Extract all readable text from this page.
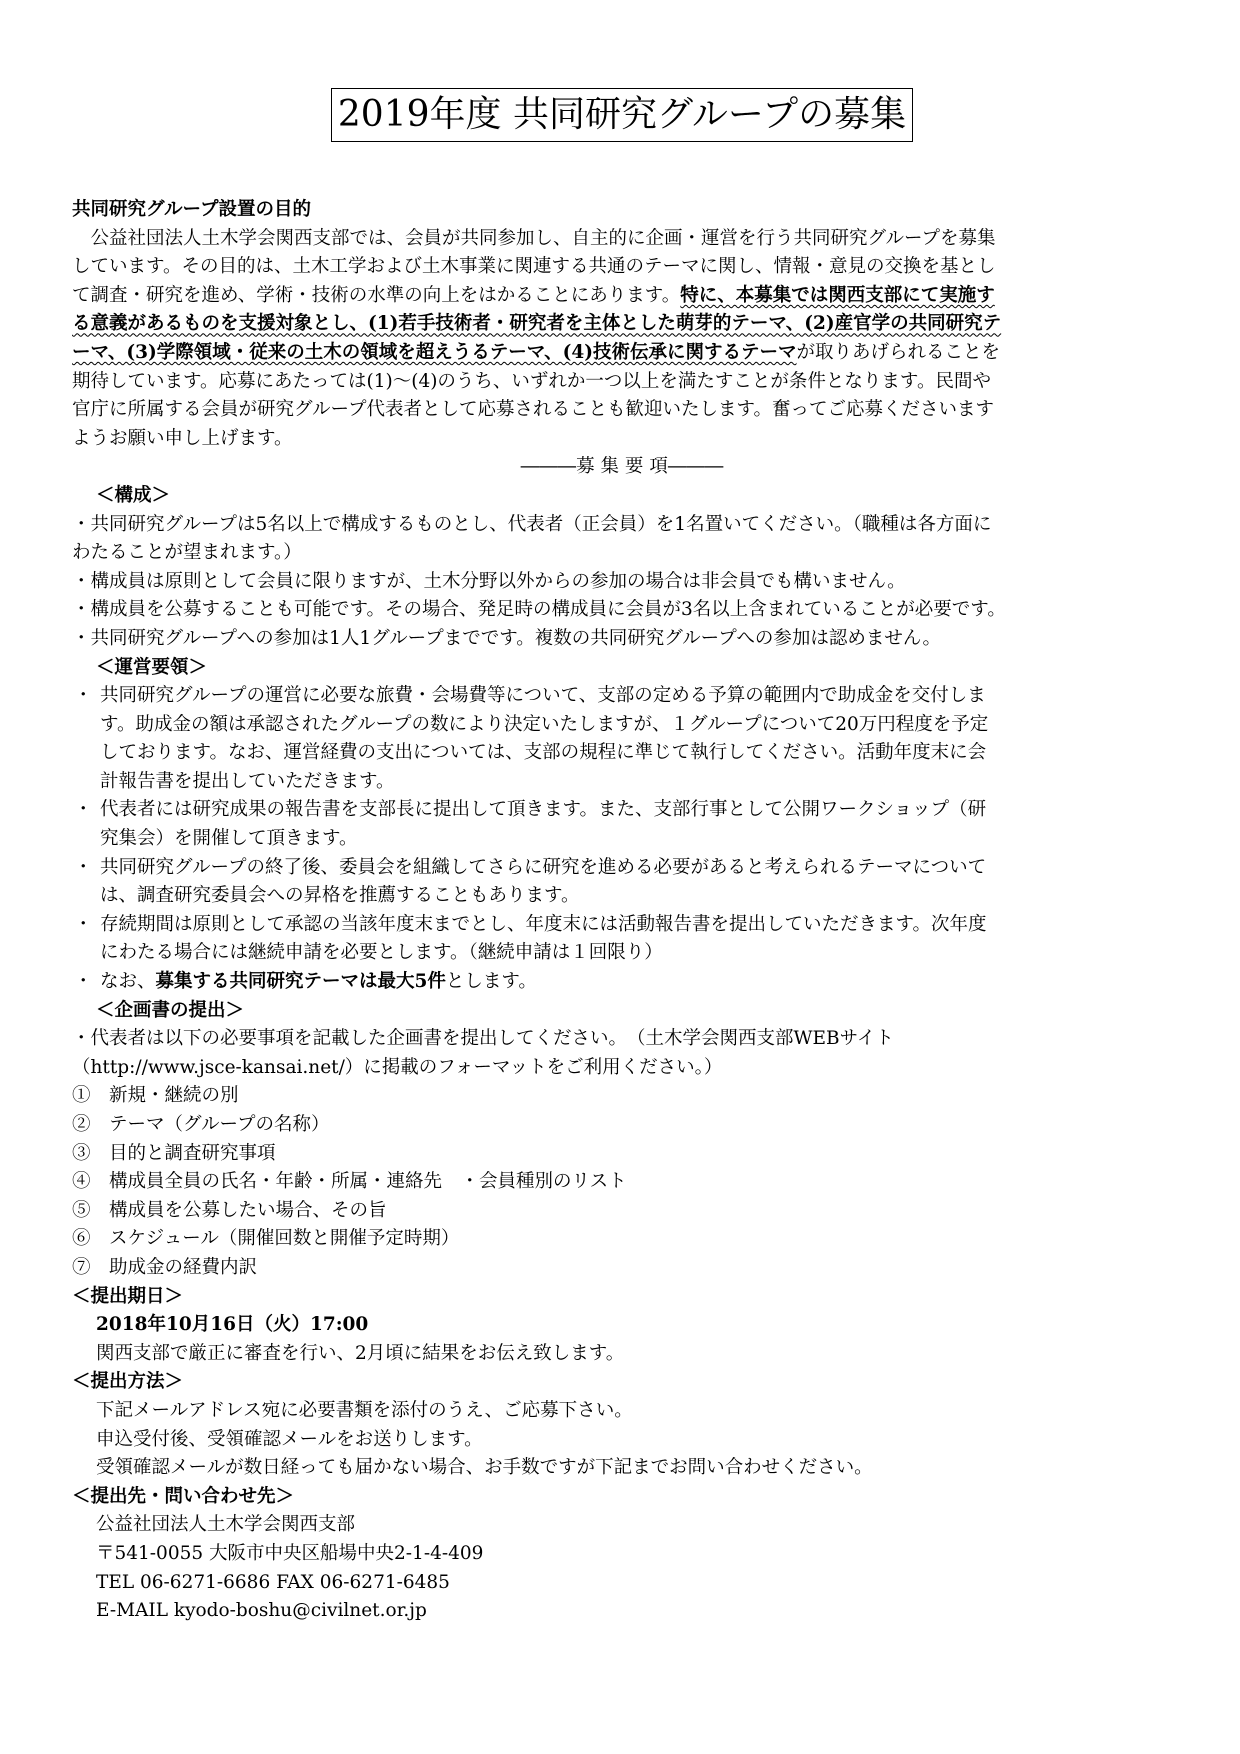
2019年度 共同研究グループの募集

共同研究グループ設置の目的

　公益社団法人土木学会関西支部では、会員が共同参加し、自主的に企画・運営を行う共同研究グループを募集

しています。その目的は、土木工学および土木事業に関連する共通のテーマに関し、情報・意見の交換を基とし

て調査・研究を進め、学術・技術の水準の向上をはかることにあります。特に、本募集では関西支部にて実施す

る意義があるものを支援対象とし、(1)若手技術者・研究者を主体とした萌芽的テーマ、(2)産官学の共同研究テ

ーマ、(3)学際領域・従来の土木の領域を超えうるテーマ、(4)技術伝承に関するテーマが取りあげられることを

期待しています。応募にあたっては(1)～(4)のうち、いずれか一つ以上を満たすことが条件となります。民間や

官庁に所属する会員が研究グループ代表者として応募されることも歓迎いたします。奮ってご応募くださいます

ようお願い申し上げます。

―――募 集 要 項―――

＜構成＞

・共同研究グループは5名以上で構成するものとし、代表者（正会員）を1名置いてください。（職種は各方面に

わたることが望まれます。）

・構成員は原則として会員に限りますが、土木分野以外からの参加の場合は非会員でも構いません。

・構成員を公募することも可能です。その場合、発足時の構成員に会員が3名以上含まれていることが必要です。

・共同研究グループへの参加は1人1グループまでです。複数の共同研究グループへの参加は認めません。

＜運営要領＞

・ 共同研究グループの運営に必要な旅費・会場費等について、支部の定める予算の範囲内で助成金を交付しま

す。助成金の額は承認されたグループの数により決定いたしますが、１グループについて20万円程度を予定

しております。なお、運営経費の支出については、支部の規程に準じて執行してください。活動年度末に会

計報告書を提出していただきます。

・ 代表者には研究成果の報告書を支部長に提出して頂きます。また、支部行事として公開ワークショップ（研

究集会）を開催して頂きます。

・ 共同研究グループの終了後、委員会を組織してさらに研究を進める必要があると考えられるテーマについて

は、調査研究委員会への昇格を推薦することもあります。

・ 存続期間は原則として承認の当該年度末までとし、年度末には活動報告書を提出していただきます。次年度

にわたる場合には継続申請を必要とします。（継続申請は１回限り）

・ なお、募集する共同研究テーマは最大5件とします。

＜企画書の提出＞

・代表者は以下の必要事項を記載した企画書を提出してください。　（土木学会関西支部WEBサイト

（http://www.jsce-kansai.net/）に掲載のフォーマットをご利用ください。）

①　新規・継続の別
②　テーマ（グループの名称）
③　目的と調査研究事項
④　構成員全員の氏名・年齢・所属・連絡先　・会員種別のリスト
⑤　構成員を公募したい場合、その旨
⑥　スケジュール（開催回数と開催予定時期）
⑦　助成金の経費内訳

＜提出期日＞

2018年10月16日（火）17:00

関西支部で厳正に審査を行い、2月頃に結果をお伝え致します。

＜提出方法＞

下記メールアドレス宛に必要書類を添付のうえ、ご応募下さい。

申込受付後、受領確認メールをお送りします。

受領確認メールが数日経っても届かない場合、お手数ですが下記までお問い合わせください。

＜提出先・問い合わせ先＞

公益社団法人土木学会関西支部

〒541-0055 大阪市中央区船場中央2-1-4-409

TEL 06-6271-6686 FAX 06-6271-6485

E-MAIL kyodo-boshu@civilnet.or.jp
